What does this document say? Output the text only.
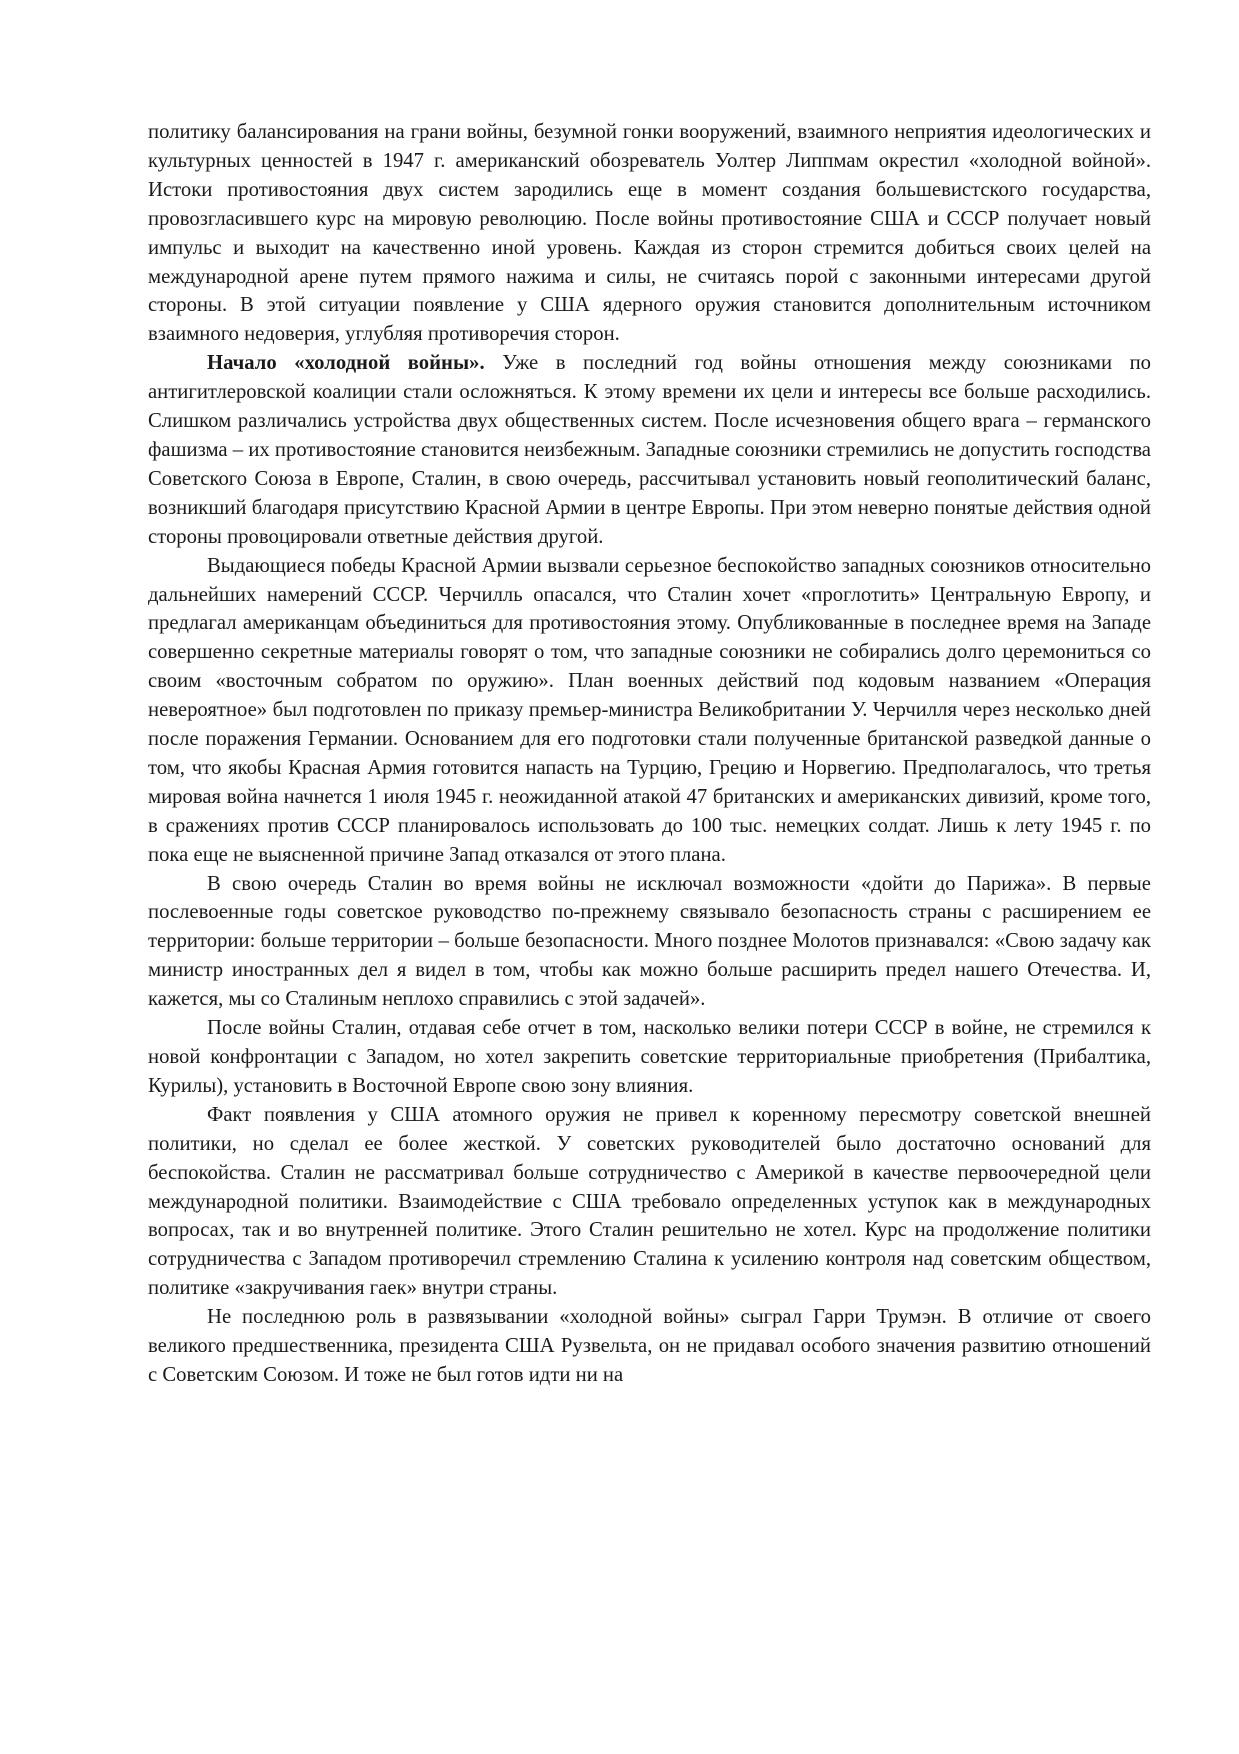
политику балансирования на грани войны, безумной гонки вооружений, взаимного неприятия идеологических и культурных ценностей в 1947 г. американский обозреватель Уолтер Липпмам окрестил «холодной войной». Истоки противостояния двух систем зародились еще в момент создания большевистского государства, провозгласившего курс на мировую революцию. После войны противостояние США и СССР получает новый импульс и выходит на качественно иной уровень. Каждая из сторон стремится добиться своих целей на международной арене путем прямого нажима и силы, не считаясь порой с законными интересами другой стороны. В этой ситуации появление у США ядерного оружия становится дополнительным источником взаимного недоверия, углубляя противоречия сторон.

Начало «холодной войны». Уже в последний год войны отношения между союзниками по антигитлеровской коалиции стали осложняться. К этому времени их цели и интересы все больше расходились. Слишком различались устройства двух общественных систем. После исчезновения общего врага – германского фашизма – их противостояние становится неизбежным. Западные союзники стремились не допустить господства Советского Союза в Европе, Сталин, в свою очередь, рассчитывал установить новый геополитический баланс, возникший благодаря присутствию Красной Армии в центре Европы. При этом неверно понятые действия одной стороны провоцировали ответные действия другой.

Выдающиеся победы Красной Армии вызвали серьезное беспокойство западных союзников относительно дальнейших намерений СССР. Черчилль опасался, что Сталин хочет «проглотить» Центральную Европу, и предлагал американцам объединиться для противостояния этому. Опубликованные в последнее время на Западе совершенно секретные материалы говорят о том, что западные союзники не собирались долго церемониться со своим «восточным собратом по оружию». План военных действий под кодовым названием «Операция невероятное» был подготовлен по приказу премьер-министра Великобритании У. Черчилля через несколько дней после поражения Германии. Основанием для его подготовки стали полученные британской разведкой данные о том, что якобы Красная Армия готовится напасть на Турцию, Грецию и Норвегию. Предполагалось, что третья мировая война начнется 1 июля 1945 г. неожиданной атакой 47 британских и американских дивизий, кроме того, в сражениях против СССР планировалось использовать до 100 тыс. немецких солдат. Лишь к лету 1945 г. по пока еще не выясненной причине Запад отказался от этого плана.

В свою очередь Сталин во время войны не исключал возможности «дойти до Парижа». В первые послевоенные годы советское руководство по-прежнему связывало безопасность страны с расширением ее территории: больше территории – больше безопасности. Много позднее Молотов признавался: «Свою задачу как министр иностранных дел я видел в том, чтобы как можно больше расширить предел нашего Отечества. И, кажется, мы со Сталиным неплохо справились с этой задачей».

После войны Сталин, отдавая себе отчет в том, насколько велики потери СССР в войне, не стремился к новой конфронтации с Западом, но хотел закрепить советские территориальные приобретения (Прибалтика, Курилы), установить в Восточной Европе свою зону влияния.

Факт появления у США атомного оружия не привел к коренному пересмотру советской внешней политики, но сделал ее более жесткой. У советских руководителей было достаточно оснований для беспокойства. Сталин не рассматривал больше сотрудничество с Америкой в качестве первоочередной цели международной политики. Взаимодействие с США требовало определенных уступок как в международных вопросах, так и во внутренней политике. Этого Сталин решительно не хотел. Курс на продолжение политики сотрудничества с Западом противоречил стремлению Сталина к усилению контроля над советским обществом, политике «закручивания гаек» внутри страны.

Не последнюю роль в развязывании «холодной войны» сыграл Гарри Трумэн. В отличие от своего великого предшественника, президента США Рузвельта, он не придавал особого значения развитию отношений с Советским Союзом. И тоже не был готов идти ни на
